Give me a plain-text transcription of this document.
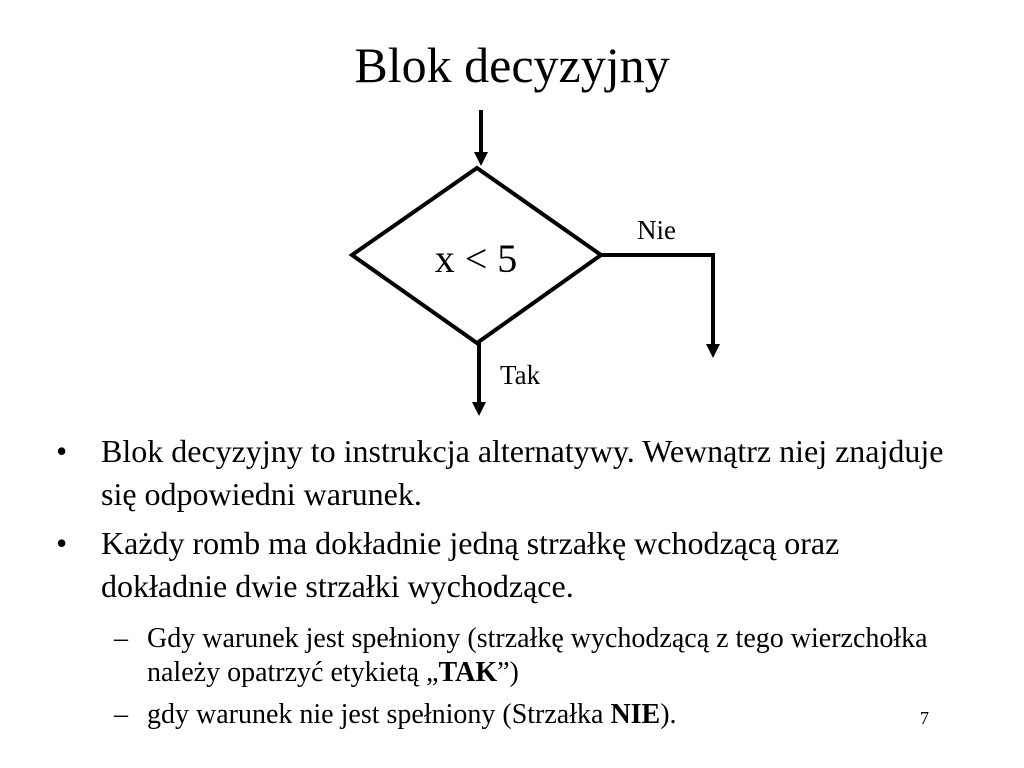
Blok decyzyjny
x < 5
Nie
Tak
• Blok decyzyjny to instrukcja alternatywy. Wewnątrz niej znajduje się odpowiedni warunek.
• Każdy romb ma dokładnie jedną strzałkę wchodzącą oraz dokładnie dwie strzałki wychodzące.
– Gdy warunek jest spełniony (strzałkę wychodzącą z tego wierzchołka należy opatrzyć etykietą „TAK”)
– gdy warunek nie jest spełniony (Strzałka NIE).	7
